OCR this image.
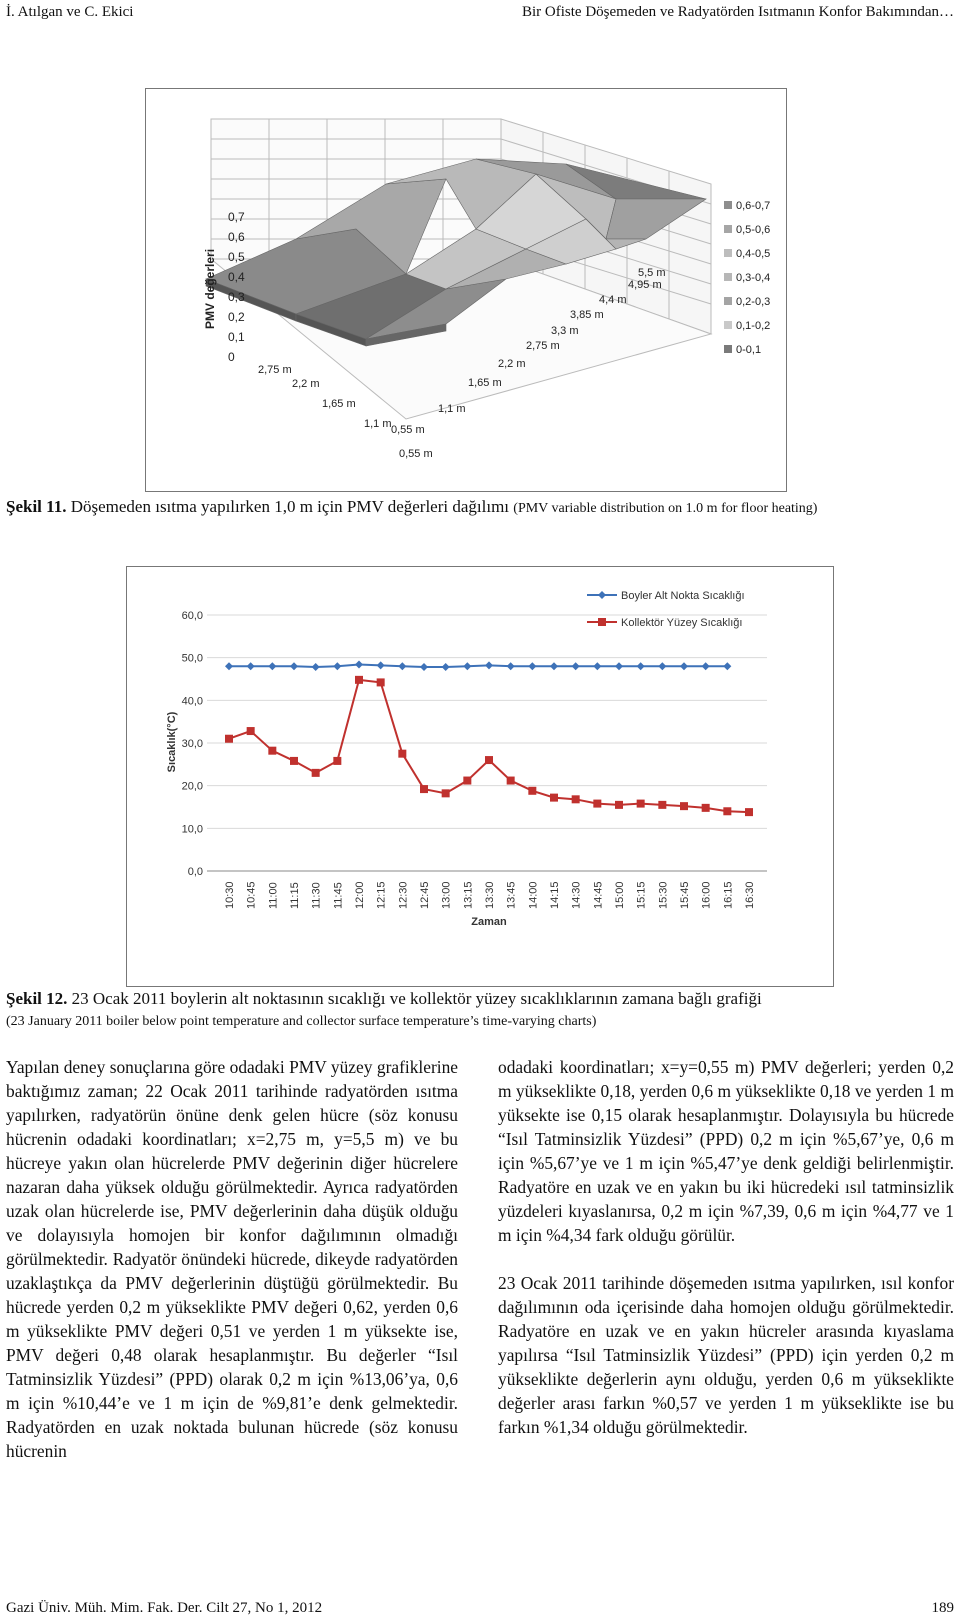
İ. Atılgan ve C. Ekici	Bir Ofiste Döşemeden ve Radyatörden Isıtmanın Konfor Bakımından…
0,7
0,6
0,5
0,4
0,3
0,2
0,1
0
PMV değerleri
0,55 m
1,1 m
1,65 m
2,2 m
2,75 m
3,3 m
3,85 m
4,4 m
4,95 m
5,5 m
0,55 m
1,1 m
1,65 m
2,2 m
2,75 m
0,6-0,7
0,5-0,6
0,4-0,5
0,3-0,4
0,2-0,3
0,1-0,2
0-0,1
Şekil 11. Döşemeden ısıtma yapılırken 1,0 m için PMV değerleri dağılımı (PMV variable distribution on 1.0 m for floor heating)
0,0
10,0
20,0
30,0
40,0
50,0
60,0
10:30 10:45 11:00 11:15 11:30 11:45 12:00 12:15 12:30 12:45 13:00 13:15 13:30 13:45 14:00 14:15 14:30 14:45 15:00 15:15 15:30 15:45 16:00 16:15 16:30
Zaman
Sıcaklık(°C)
Boyler Alt Nokta Sıcaklığı
Kollektör Yüzey Sıcaklığı
Şekil 12. 23 Ocak 2011 boylerin alt noktasının sıcaklığı ve kollektör yüzey sıcaklıklarının zamana bağlı grafiği
(23 January 2011 boiler below point temperature and collector surface temperature’s time-varying charts)

Yapılan deney sonuçlarına göre odadaki PMV yüzey grafiklerine baktığımız zaman; 22 Ocak 2011 tarihinde radyatörden ısıtma yapılırken, radyatörün önüne denk gelen hücre (söz konusu hücrenin odadaki koordinatları; x=2,75 m, y=5,5 m) ve bu hücreye yakın olan hücrelerde PMV değerinin diğer hücrelere nazaran daha yüksek olduğu görülmektedir. Ayrıca radyatörden uzak olan hücrelerde ise, PMV değerlerinin daha düşük olduğu ve dolayısıyla homojen bir konfor dağılımının olmadığı görülmektedir. Radyatör önündeki hücrede, dikeyde radyatörden uzaklaştıkça da PMV değerlerinin düştüğü görülmektedir. Bu hücrede yerden 0,2 m yükseklikte PMV değeri 0,62, yerden 0,6 m yükseklikte PMV değeri 0,51 ve yerden 1 m yüksekte ise, PMV değeri 0,48 olarak hesaplanmıştır. Bu değerler “Isıl Tatminsizlik Yüzdesi” (PPD) olarak 0,2 m için %13,06’ya, 0,6 m için %10,44’e ve 1 m için de %9,81’e denk gelmektedir. Radyatörden en uzak noktada bulunan hücrede (söz konusu hücrenin

odadaki koordinatları; x=y=0,55 m) PMV değerleri; yerden 0,2 m yükseklikte 0,18, yerden 0,6 m yükseklikte 0,18 ve yerden 1 m yüksekte ise 0,15 olarak hesaplanmıştır. Dolayısıyla bu hücrede “Isıl Tatminsizlik Yüzdesi” (PPD) 0,2 m için %5,67’ye, 0,6 m için %5,67’ye ve 1 m için %5,47’ye denk geldiği belirlenmiştir. Radyatöre en uzak ve en yakın bu iki hücredeki ısıl tatminsizlik yüzdeleri kıyaslanırsa, 0,2 m için %7,39, 0,6 m için %4,77 ve 1 m için %4,34 fark olduğu görülür.

23 Ocak 2011 tarihinde döşemeden ısıtma yapılırken, ısıl konfor dağılımının oda içerisinde daha homojen olduğu görülmektedir. Radyatöre en uzak ve en yakın hücreler arasında kıyaslama yapılırsa “Isıl Tatminsizlik Yüzdesi” (PPD) için yerden 0,2 m yükseklikte değerlerin aynı olduğu, yerden 0,6 m yükseklikte değerler arası farkın %0,57 ve yerden 1 m yükseklikte ise bu farkın %1,34 olduğu görülmektedir.

Gazi Üniv. Müh. Mim. Fak. Der. Cilt 27, No 1, 2012	189
